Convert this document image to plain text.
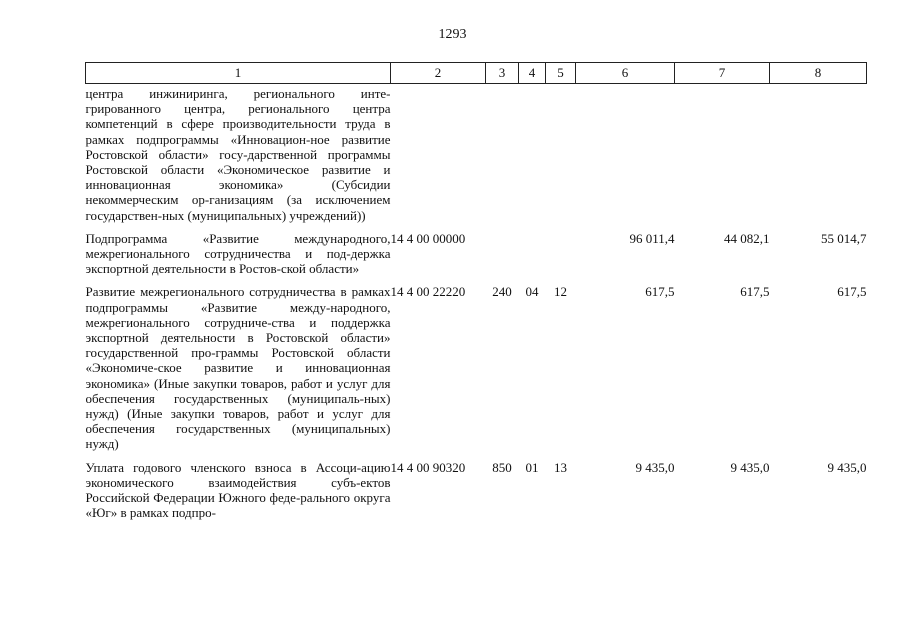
1293
1	2	3	4	5	6	7	8
центра инжиниринга, регионального инте-грированного центра, регионального центра компетенций в сфере производительности труда в рамках подпрограммы «Инновацион-ное развитие Ростовской области» госу-дарственной программы Ростовской области «Экономическое развитие и инновационная экономика» (Субсидии некоммерческим ор-ганизациям (за исключением государствен-ных (муниципальных) учреждений))							
Подпрограмма «Развитие международного, межрегионального сотрудничества и под-держка экспортной деятельности в Ростов-ской области»	14 4 00 00000				96 011,4	44 082,1	55 014,7
Развитие межрегионального сотрудничества в рамках подпрограммы «Развитие между-народного, межрегионального сотрудниче-ства и поддержка экспортной деятельности в Ростовской области» государственной про-граммы Ростовской области «Экономиче-ское развитие и инновационная экономика» (Иные закупки товаров, работ и услуг для обеспечения государственных (муниципаль-ных) нужд) (Иные закупки товаров, работ и услуг для обеспечения государственных (муниципальных) нужд)	14 4 00 22220	240	04	12	617,5	617,5	617,5
Уплата годового членского взноса в Ассоци-ацию экономического взаимодействия субъ-ектов Российской Федерации Южного феде-рального округа «Юг» в рамках подпро-	14 4 00 90320	850	01	13	9 435,0	9 435,0	9 435,0
